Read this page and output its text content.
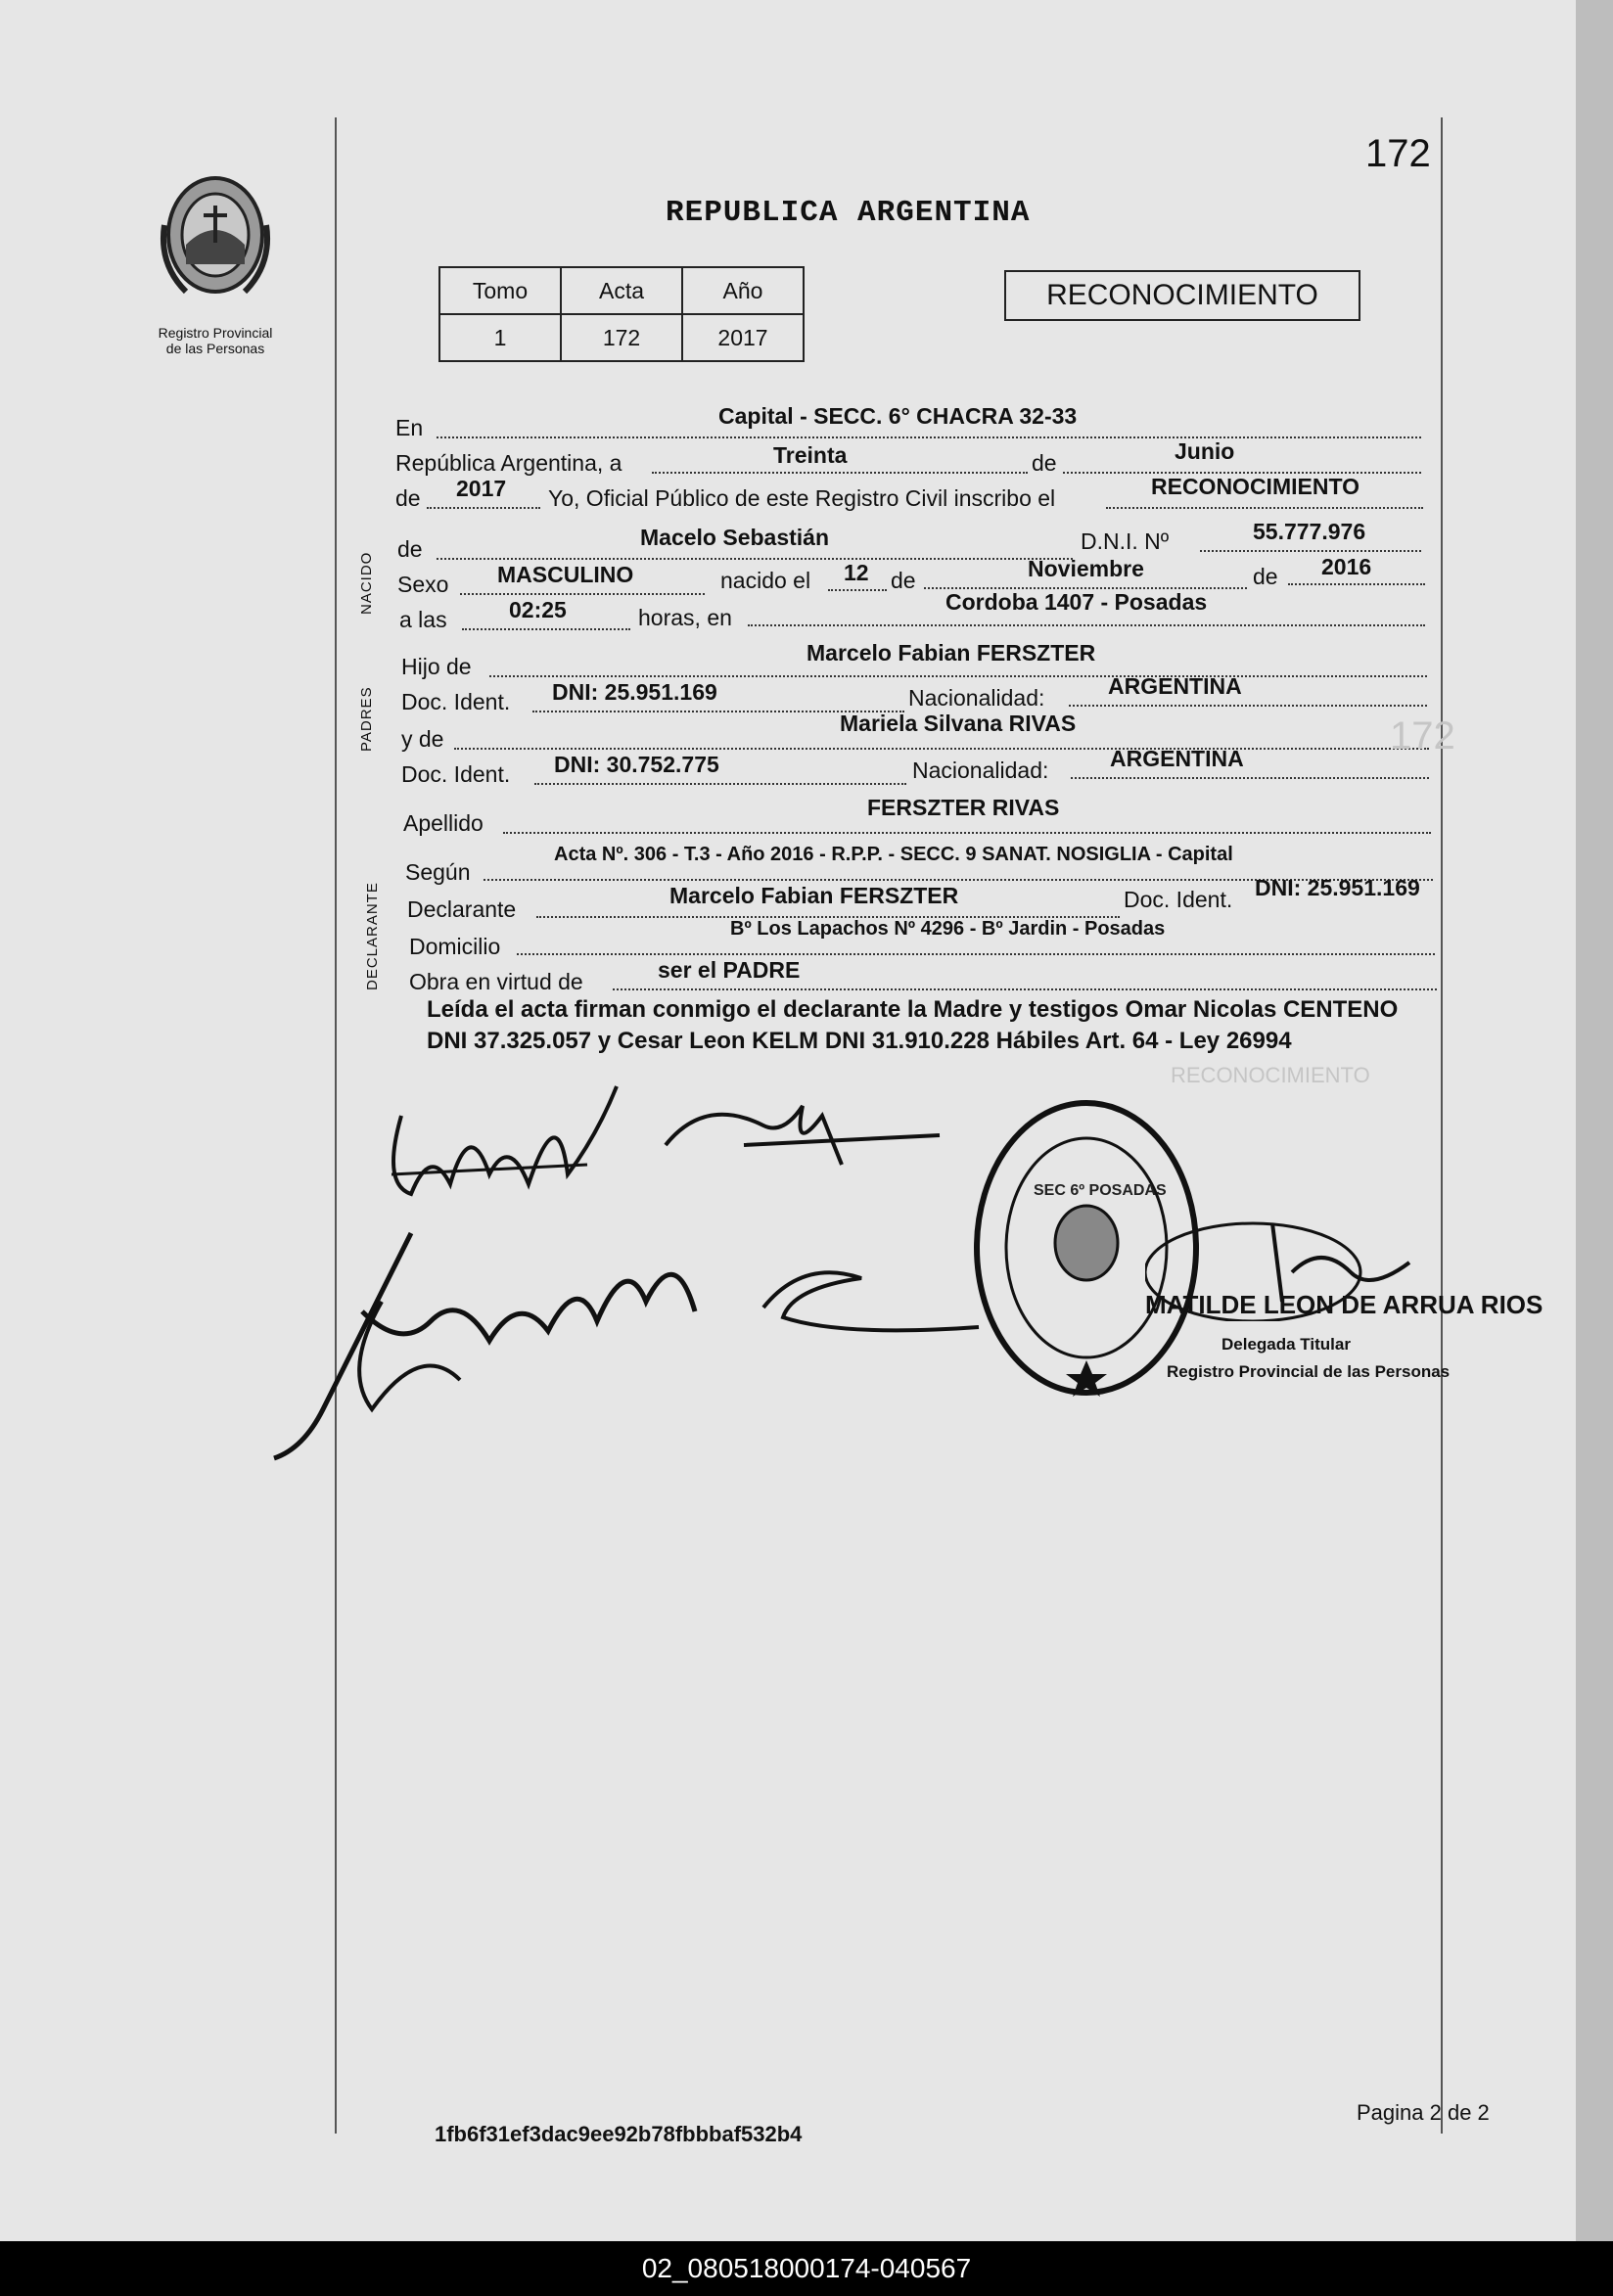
172
Registro Provincial
de las Personas
REPUBLICA ARGENTINA
Tomo	Acta	Año
1	172	2017
RECONOCIMIENTO
NACIDO
PADRES
DECLARANTE
En	Capital - SECC. 6° CHACRA 32-33
República Argentina, a	Treinta	de	Junio
de 2017 Yo, Oficial Público de este Registro Civil inscribo el	RECONOCIMIENTO
de	Macelo Sebastián	D.N.I. Nº	55.777.976
Sexo MASCULINO	nacido el 12 de	Noviembre	de 2016
a las	02:25	horas, en
Cordoba 1407 - Posadas
Hijo de
Marcelo Fabian FERSZTER
Doc. Ident. DNI: 25.951.169	Nacionalidad:	ARGENTINA
y de
Mariela Silvana RIVAS
Doc. Ident. DNI: 30.752.775	Nacionalidad:	ARGENTINA
Apellido
FERSZTER RIVAS
Según
Acta Nº. 306 - T.3 - Año 2016 - R.P.P. - SECC. 9 SANAT. NOSIGLIA - Capital
Declarante
Marcelo Fabian FERSZTER	Doc. Ident. DNI: 25.951.169
Domicilio
Bº Los Lapachos Nº 4296 - Bº Jardin - Posadas
Obra en virtud de	ser el PADRE
Leída el acta firman conmigo el declarante la Madre y testigos Omar Nicolas CENTENO DNI 37.325.057 y Cesar Leon KELM DNI 31.910.228 Hábiles Art. 64 - Ley 26994
RECONOCIMIENTO
172
SEC 6º POSADAS
MATILDE LEON DE ARRUA RIOS
Delegada Titular
Registro Provincial de las Personas
1fb6f31ef3dac9ee92b78fbbbaf532b4
Pagina 2 de 2
02_080518000174-040567
